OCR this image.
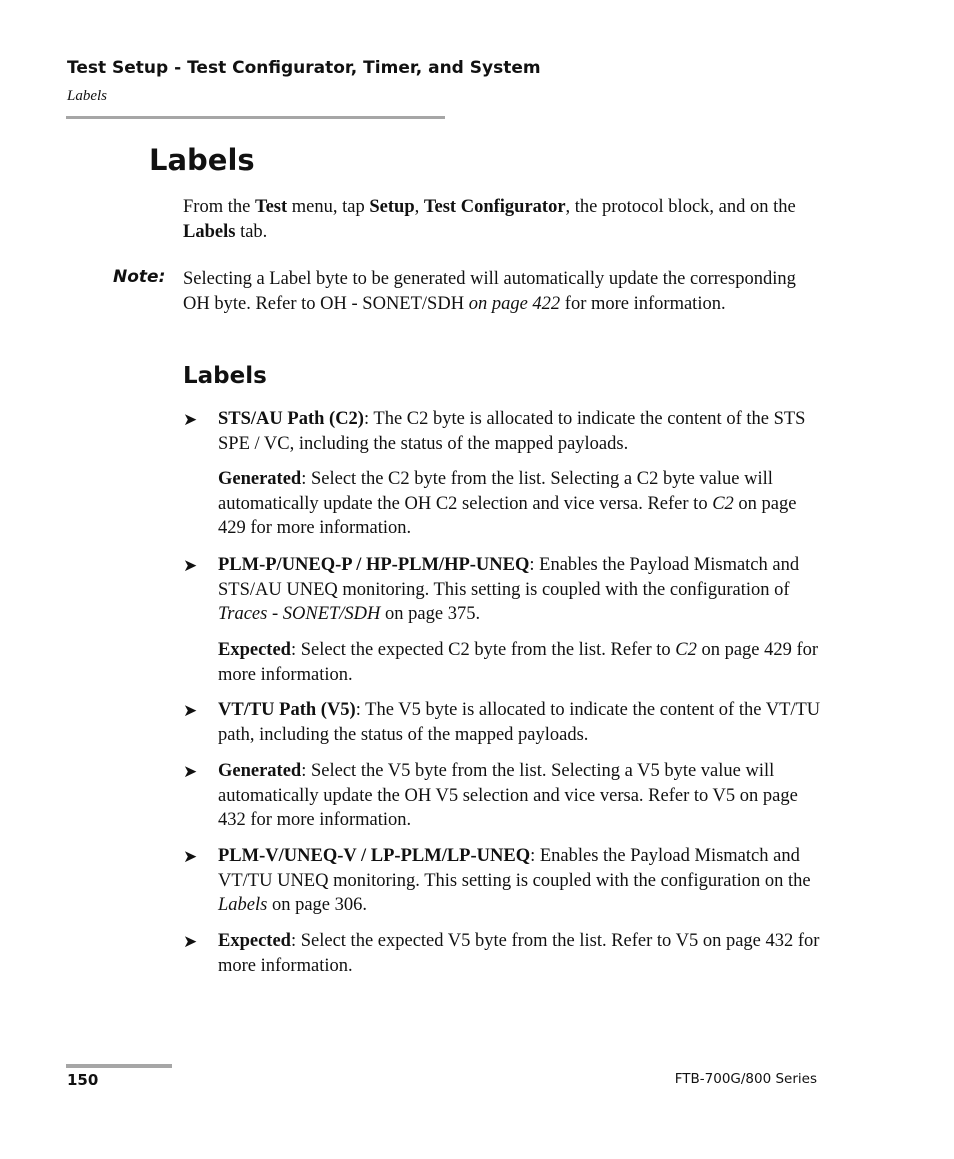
Test Setup - Test Configurator, Timer, and System
Labels
Labels
From the Test menu, tap Setup, Test Configurator, the protocol block, and on the Labels tab.
Note: Selecting a Label byte to be generated will automatically update the corresponding OH byte. Refer to OH - SONET/SDH on page 422 for more information.
Labels
➤ STS/AU Path (C2): The C2 byte is allocated to indicate the content of the STS SPE / VC, including the status of the mapped payloads.
Generated: Select the C2 byte from the list. Selecting a C2 byte value will automatically update the OH C2 selection and vice versa. Refer to C2 on page 429 for more information.
➤ PLM-P/UNEQ-P / HP-PLM/HP-UNEQ: Enables the Payload Mismatch and STS/AU UNEQ monitoring. This setting is coupled with the configuration of Traces - SONET/SDH on page 375.
Expected: Select the expected C2 byte from the list. Refer to C2 on page 429 for more information.
➤ VT/TU Path (V5): The V5 byte is allocated to indicate the content of the VT/TU path, including the status of the mapped payloads.
➤ Generated: Select the V5 byte from the list. Selecting a V5 byte value will automatically update the OH V5 selection and vice versa. Refer to V5 on page 432 for more information.
➤ PLM-V/UNEQ-V / LP-PLM/LP-UNEQ: Enables the Payload Mismatch and VT/TU UNEQ monitoring. This setting is coupled with the configuration on the Labels on page 306.
➤ Expected: Select the expected V5 byte from the list. Refer to V5 on page 432 for more information.
150	FTB-700G/800 Series
